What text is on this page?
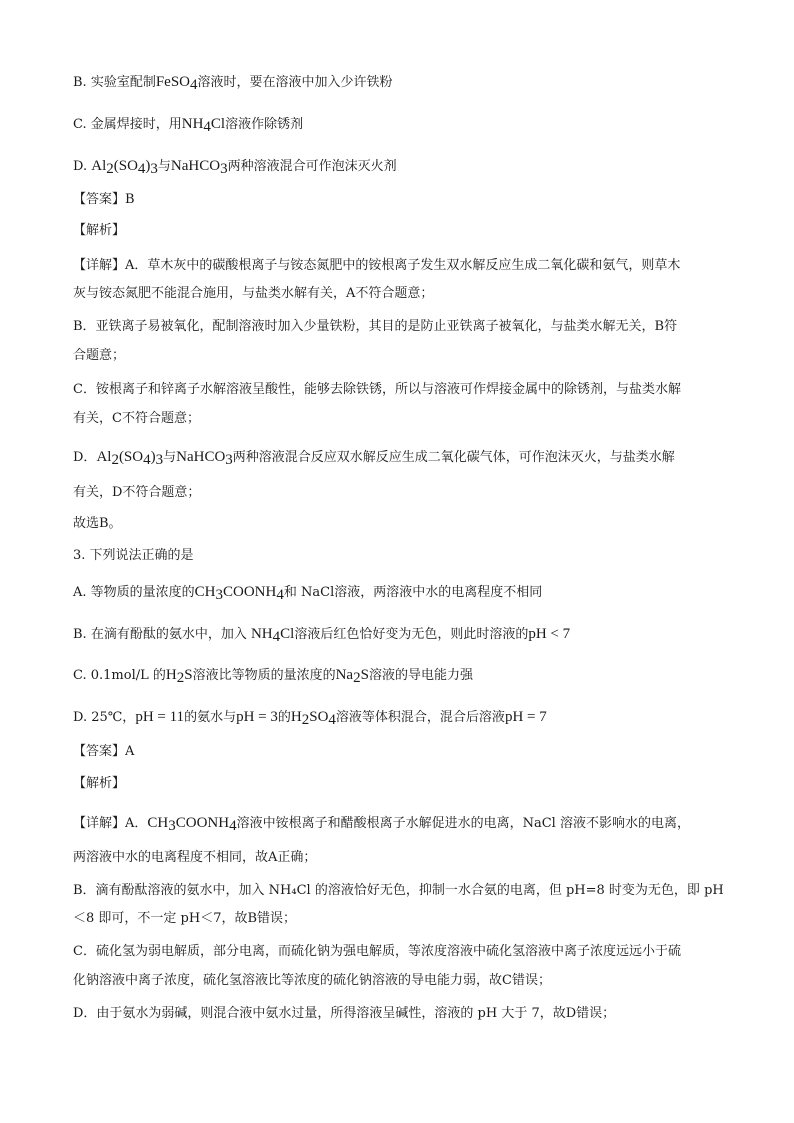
B. 实验室配制FeSO$_4$溶液时，要在溶液中加入少许铁粉
C. 金属焊接时，用$NH_4Cl$溶液作除锈剂
D. $Al_2(SO_4)_3$与NaHCO$_3$两种溶液混合可作泡沫灭火剂
【答案】B
【解析】
【详解】A．草木灰中的碳酸根离子与铵态氮肥中的铵根离子发生双水解反应生成二氧化碳和氨气，则草木
灰与铵态氮肥不能混合施用，与盐类水解有关，A不符合题意；
B．亚铁离子易被氧化，配制溶液时加入少量铁粉，其目的是防止亚铁离子被氧化，与盐类水解无关，B符
合题意；
C．铵根离子和锌离子水解溶液呈酸性，能够去除铁锈，所以与溶液可作焊接金属中的除锈剂，与盐类水解
有关，C不符合题意；
D．$Al_2(SO_4)_3$与NaHCO$_3$两种溶液混合反应双水解反应生成二氧化碳气体，可作泡沫灭火，与盐类水解
有关，D不符合题意；
故选B。
3. 下列说法正确的是
A. 等物质的量浓度的$CH_3COONH_4$和 NaCl溶液，两溶液中水的电离程度不相同
B. 在滴有酚酞的氨水中，加入 $NH_4Cl$溶液后红色恰好变为无色，则此时溶液的pH < 7
C. 0.1mol/L 的$H_2S$溶液比等物质的量浓度的$Na_2S$溶液的导电能力强
D. 25℃，pH = 11的氨水与pH = 3的$H_2SO_4$溶液等体积混合，混合后溶液pH = 7
【答案】A
【解析】
【详解】A．$CH_3COONH_4$溶液中铵根离子和醋酸根离子水解促进水的电离，NaCl 溶液不影响水的电离，
两溶液中水的电离程度不相同，故A正确；
B．滴有酚酞溶液的氨水中，加入 NH₄Cl 的溶液恰好无色，抑制一水合氨的电离，但 pH=8 时变为无色，即 pH
＜8 即可，不一定 pH＜7，故B错误；
C．硫化氢为弱电解质，部分电离，而硫化钠为强电解质，等浓度溶液中硫化氢溶液中离子浓度远远小于硫
化钠溶液中离子浓度，硫化氢溶液比等浓度的硫化钠溶液的导电能力弱，故C错误；
D．由于氨水为弱碱，则混合液中氨水过量，所得溶液呈碱性，溶液的 pH 大于 7，故D错误；
